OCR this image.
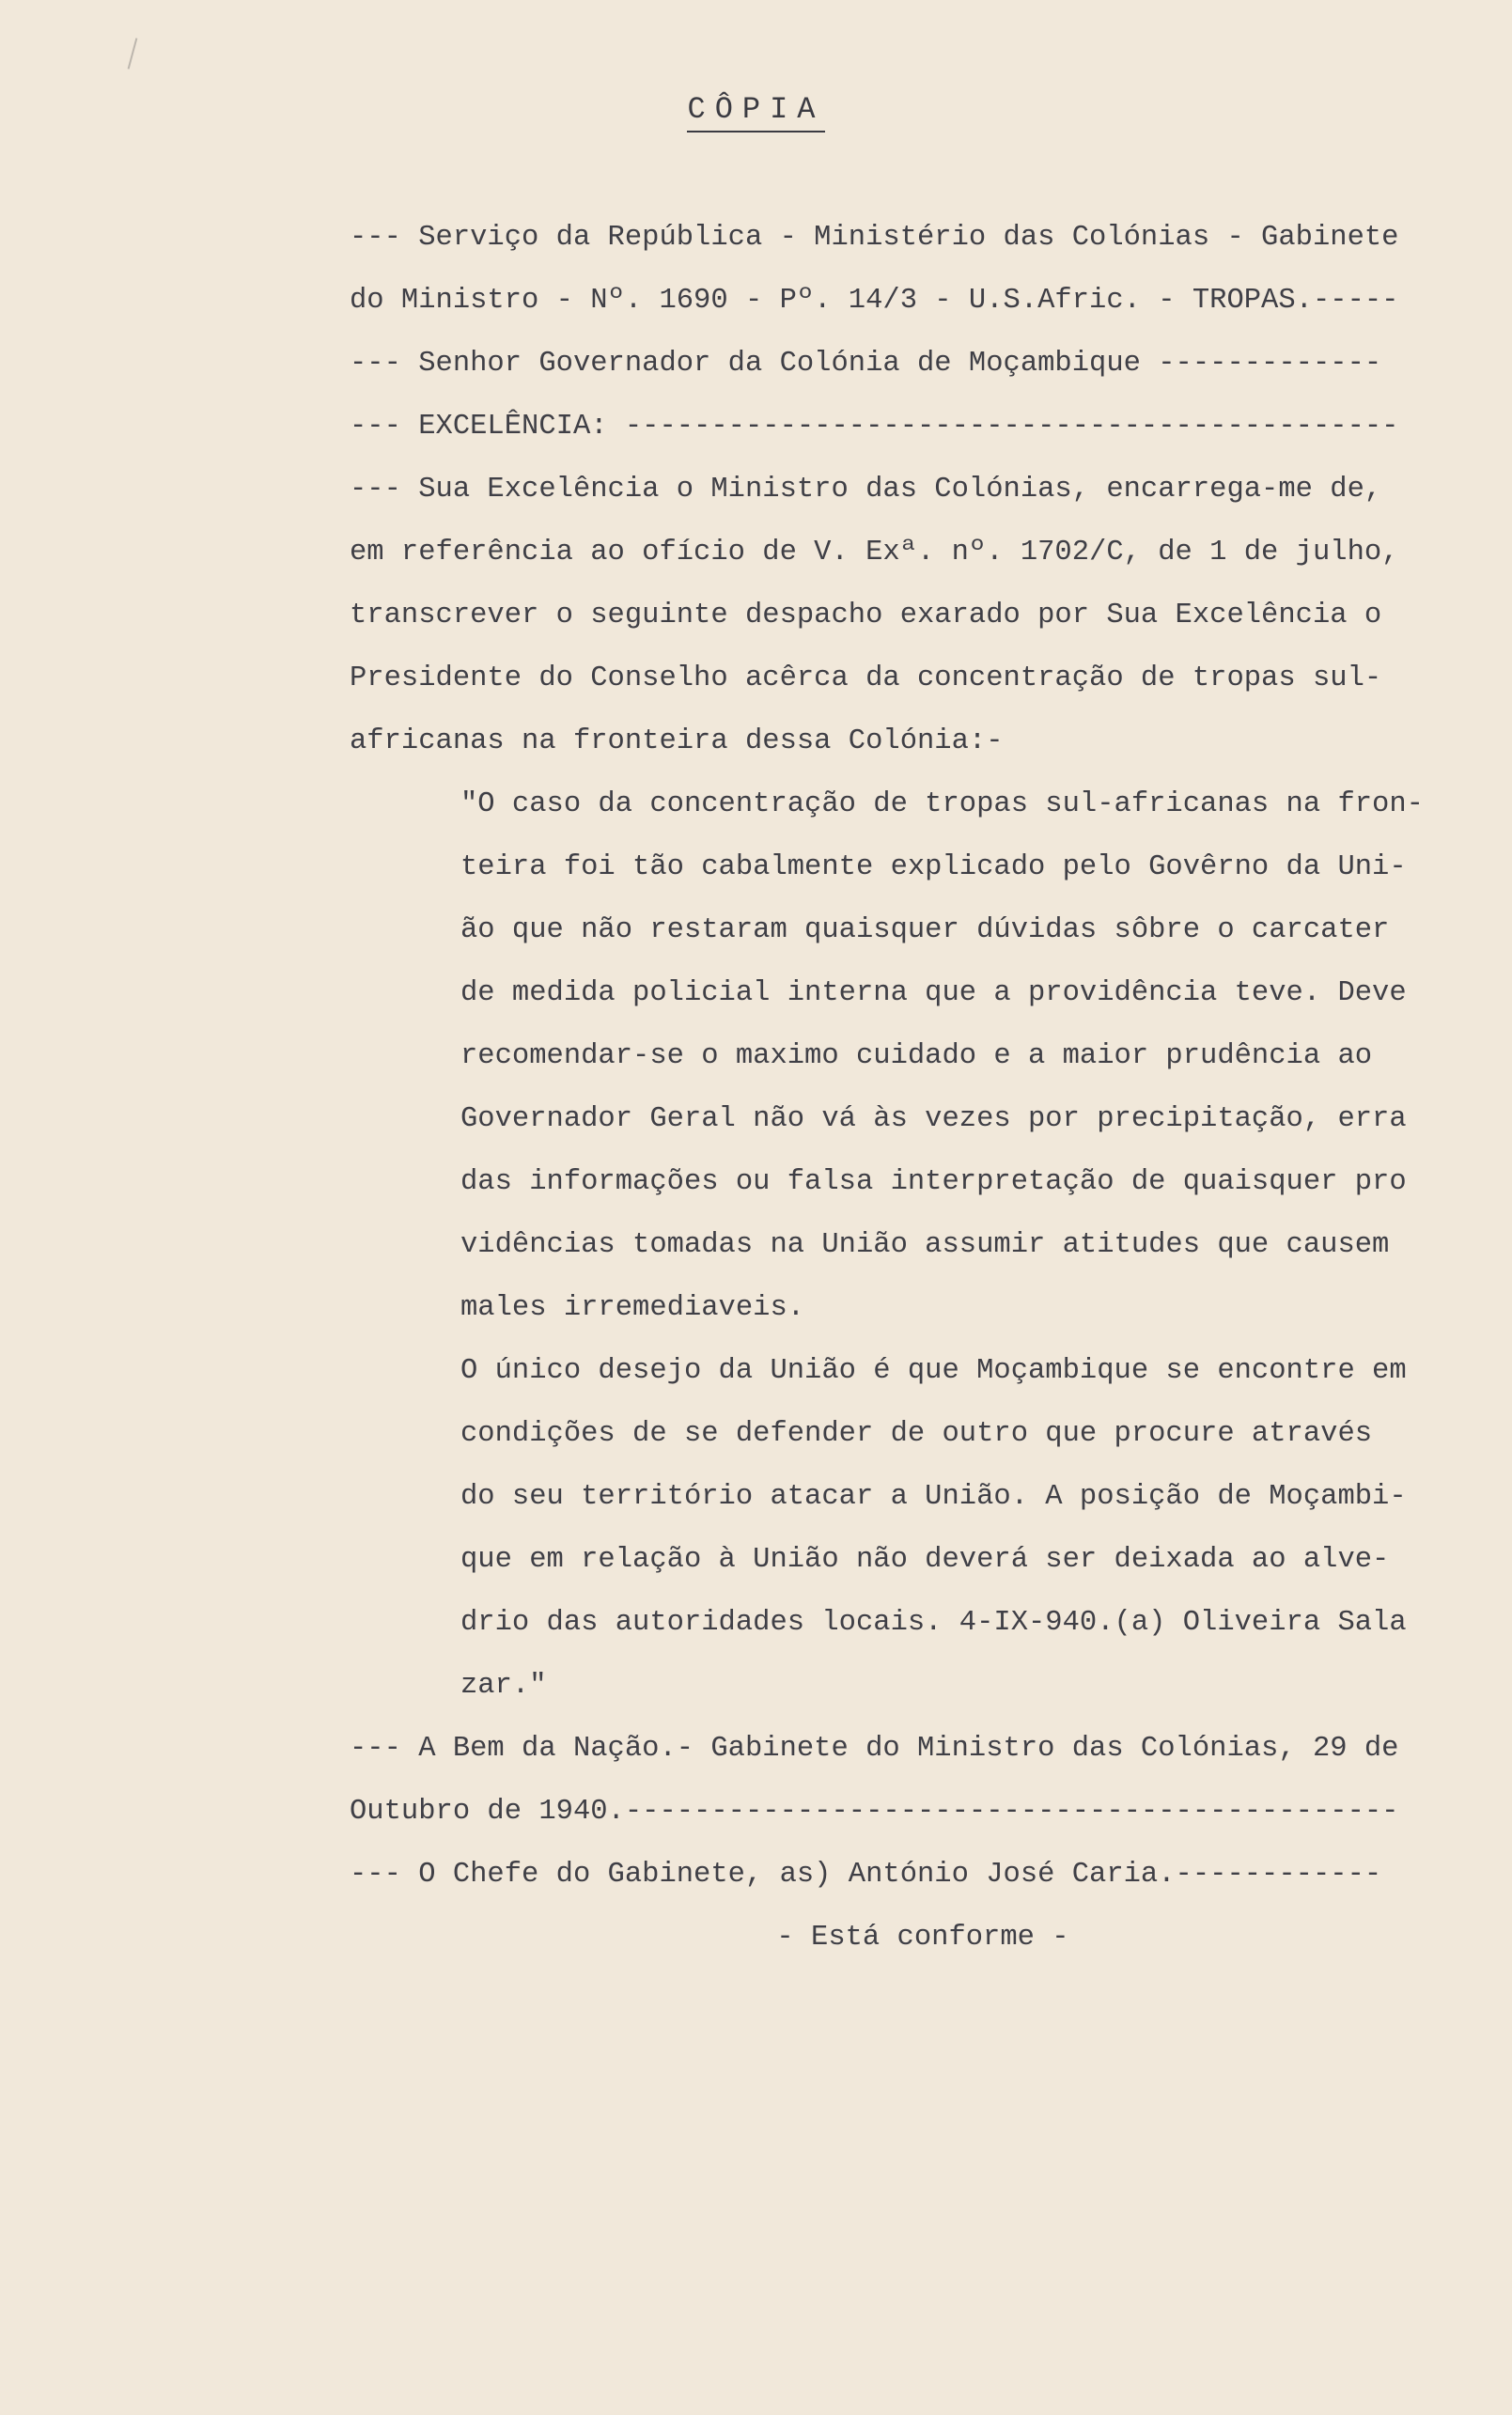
CÔPIA
--- Serviço da República - Ministério das Colónias - Gabinete
do Ministro - Nº. 1690 - Pº. 14/3 - U.S.Afric. - TROPAS.-----
--- Senhor Governador da Colónia de Moçambique -------------
--- EXCELÊNCIA: ---------------------------------------------
--- Sua Excelência o Ministro das Colónias, encarrega-me de,
em referência ao ofício de V. Exª. nº. 1702/C, de 1 de julho,
transcrever o seguinte despacho exarado por Sua Excelência o
Presidente do Conselho acêrca da concentração de tropas sul-
africanas na fronteira dessa Colónia:-
"O caso da concentração de tropas sul-africanas na fron-
teira foi tão cabalmente explicado pelo Govêrno da Uni-
ão que não restaram quaisquer dúvidas sôbre o carcater
de medida policial interna que a providência teve. Deve
recomendar-se o maximo cuidado e a maior prudência ao
Governador Geral não vá às vezes por precipitação, erra
das informações ou falsa interpretação de quaisquer pro
vidências tomadas na União assumir atitudes que causem
males irremediaveis.
O único desejo da União é que Moçambique se encontre em
condições de se defender de outro que procure através
do seu território atacar a União. A posição de Moçambi-
que em relação à União não deverá ser deixada ao alve-
drio das autoridades locais. 4-IX-940.(a) Oliveira Sala
zar."
--- A Bem da Nação.- Gabinete do Ministro das Colónias, 29 de
Outubro de 1940.---------------------------------------------
--- O Chefe do Gabinete, as) António José Caria.------------
- Está conforme -
